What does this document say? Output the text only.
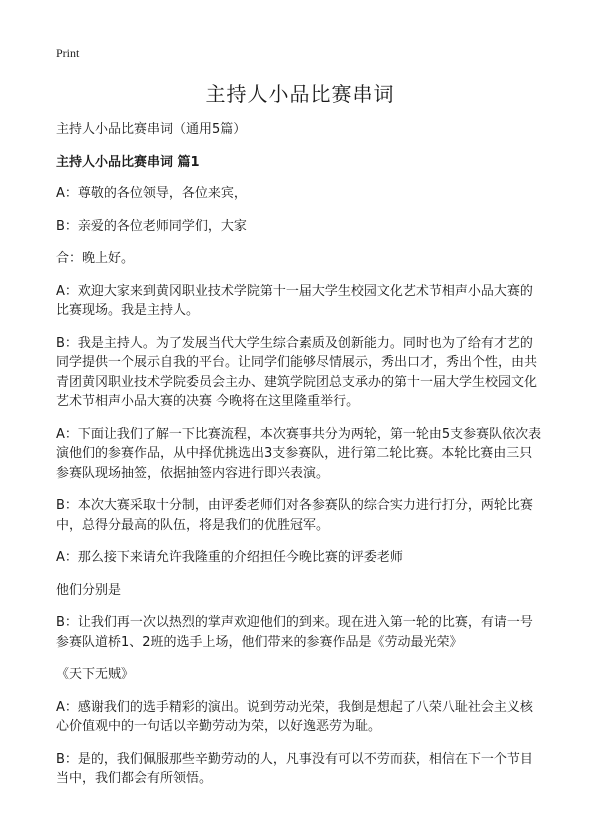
Print
主持人小品比赛串词

主持人小品比赛串词（通用5篇）

主持人小品比赛串词 篇1

A：尊敬的各位领导，各位来宾，

B：亲爱的各位老师同学们，大家

合：晚上好。

A：欢迎大家来到黄冈职业技术学院第十一届大学生校园文化艺术节相声小品大赛的比赛现场。我是主持人。

B：我是主持人。为了发展当代大学生综合素质及创新能力。同时也为了给有才艺的同学提供一个展示自我的平台。让同学们能够尽情展示，秀出口才，秀出个性，由共青团黄冈职业技术学院委员会主办、建筑学院团总支承办的第十一届大学生校园文化艺术节相声小品大赛的决赛 今晚将在这里隆重举行。

A：下面让我们了解一下比赛流程，本次赛事共分为两轮，第一轮由5支参赛队依次表演他们的参赛作品，从中择优挑选出3支参赛队，进行第二轮比赛。本轮比赛由三只参赛队现场抽签，依据抽签内容进行即兴表演。

B：本次大赛采取十分制，由评委老师们对各参赛队的综合实力进行打分，两轮比赛中，总得分最高的队伍，将是我们的优胜冠军。

A：那么接下来请允许我隆重的介绍担任今晚比赛的评委老师

他们分别是

B：让我们再一次以热烈的掌声欢迎他们的到来。现在进入第一轮的比赛，有请一号参赛队道桥1、2班的选手上场，他们带来的参赛作品是《劳动最光荣》

《天下无贼》

A：感谢我们的选手精彩的演出。说到劳动光荣，我倒是想起了八荣八耻社会主义核心价值观中的一句话以辛勤劳动为荣，以好逸恶劳为耻。

B：是的，我们佩服那些辛勤劳动的人，凡事没有可以不劳而获，相信在下一个节目当中，我们都会有所领悟。
